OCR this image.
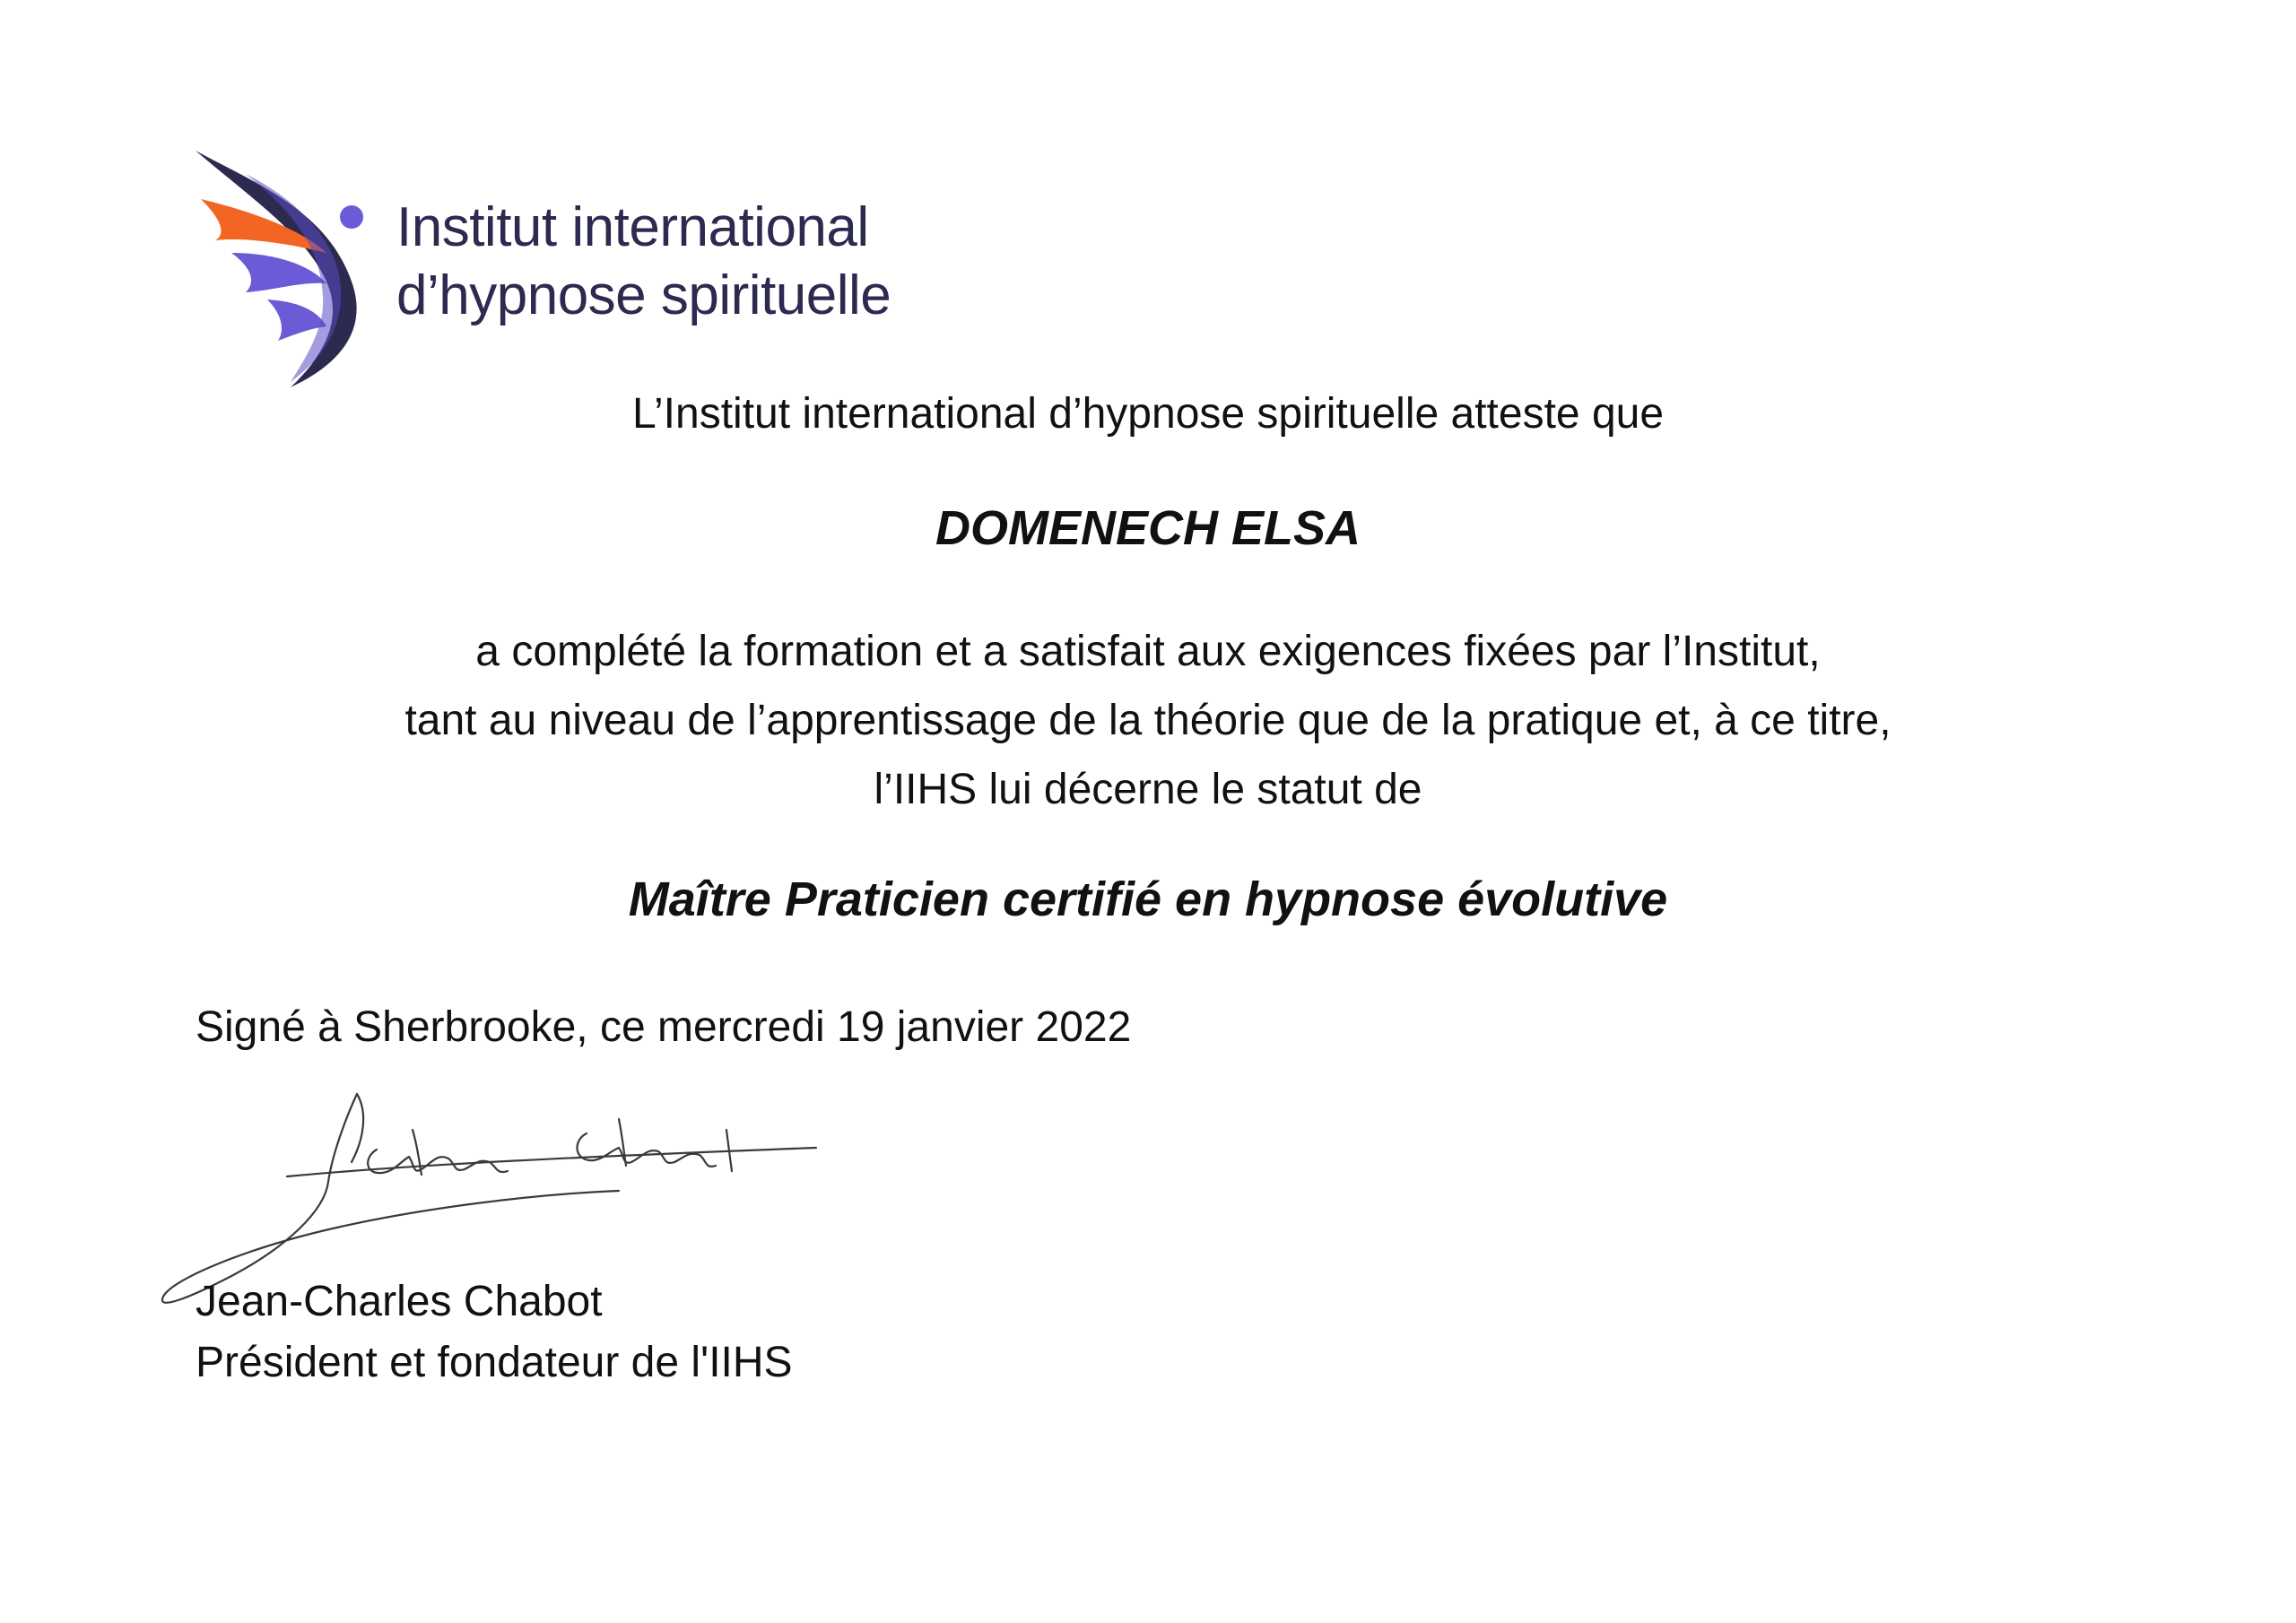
Institut international
d’hypnose spirituelle
L’Institut international d’hypnose spirituelle atteste que
DOMENECH ELSA
a complété la formation et a satisfait aux exigences fixées par l’Institut,
tant au niveau de l’apprentissage de la théorie que de la pratique et, à ce titre,
l’IIHS lui décerne le statut de
Maître Praticien certifié en hypnose évolutive
Signé à Sherbrooke, ce mercredi 19 janvier 2022
Jean-Charles Chabot
Président et fondateur de l'IIHS
